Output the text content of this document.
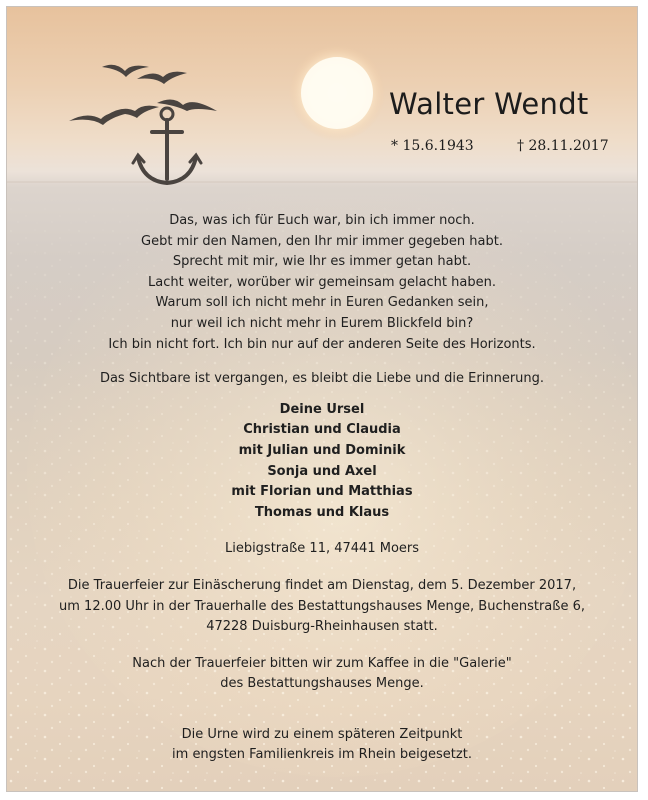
Walter Wendt
* 15.6.1943	† 28.11.2017
Das, was ich für Euch war, bin ich immer noch.
Gebt mir den Namen, den Ihr mir immer gegeben habt.
Sprecht mit mir, wie Ihr es immer getan habt.
Lacht weiter, worüber wir gemeinsam gelacht haben.
Warum soll ich nicht mehr in Euren Gedanken sein,
nur weil ich nicht mehr in Eurem Blickfeld bin?
Ich bin nicht fort. Ich bin nur auf der anderen Seite des Horizonts.
Das Sichtbare ist vergangen, es bleibt die Liebe und die Erinnerung.
Deine Ursel
Christian und Claudia
mit Julian und Dominik
Sonja und Axel
mit Florian und Matthias
Thomas und Klaus
Liebigstraße 11, 47441 Moers
Die Trauerfeier zur Einäscherung findet am Dienstag, dem 5. Dezember 2017,
um 12.00 Uhr in der Trauerhalle des Bestattungshauses Menge, Buchenstraße 6,
47228 Duisburg-Rheinhausen statt.
Nach der Trauerfeier bitten wir zum Kaffee in die "Galerie"
des Bestattungshauses Menge.
Die Urne wird zu einem späteren Zeitpunkt
im engsten Familienkreis im Rhein beigesetzt.
